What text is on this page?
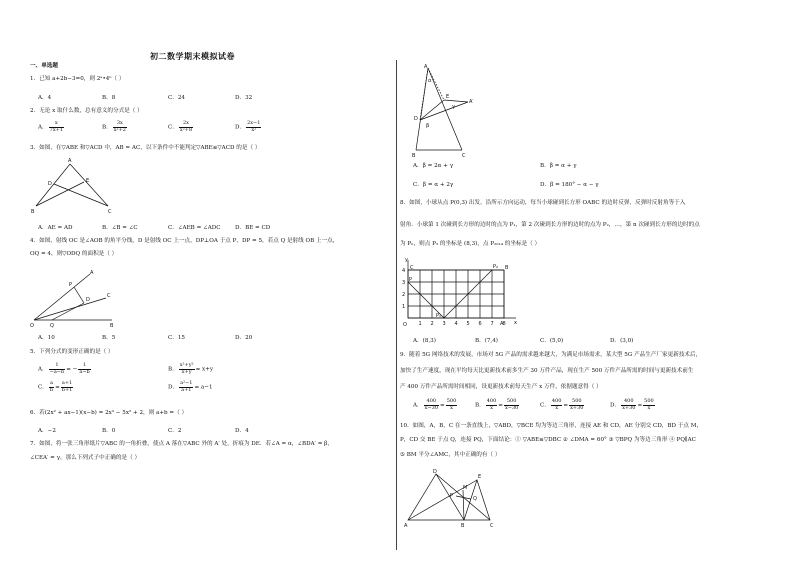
初二数学期末模拟试卷
一、单选题
1．已知 a+2b−3=0，则 2ᵃ•4ᵇ（ ）
A．4	B．8	C．24	D．32
2．无论 x 取什么数，总有意义的分式是（ ）
A． $\frac{x}{7x+1}$	B． $\frac{3x}{\text{x²+2}}$	C． $\frac{2x}{\text{x²+8}}$	D． $\frac{2x-1}{\text{x²}}$
3．如图，在▽ABE 和▽ACD 中，AB = AC，以下条件中不能判定▽ABE≌▽ACD 的是（ ）
A
D	E
B	C
A．AE = AD	B．∠B = ∠C	C．∠AEB = ∠ADC	D．BE = CD
4．如图，射线 OC 是∠AOB 的角平分线，D 是射线 OC 上一点，DP⊥OA 于点 P，DP = 5，若点 Q 是射线 OB 上一点，
OQ = 4，则▽ODQ 的面积是（ ）
A
P
D
C
O	Q	B
A．10	B．5	C．15	D．20
5．下列分式的变形正确的是（ ）
A． $\frac{1}{-a-b}$ = − $\frac{1}{a-b}$	B． $\frac{\text{x²+y²}}{x+y} = x+y$
C． $\frac{a}{b} = \frac{a+1}{b+1}$	D． $\frac{\text{a²−1}}{a+1} = a-1$
6．若(2x² + ax−1)(x−b) = 2x³ − 5x² + 2，则 a+b =（ ）
A．−2	B．0	C．2	D．4
7．如图，将一张三角形纸片▽ABC 的一角折叠，使点 A 落在▽ABC 外的 A′ 处，折痕为 DE．若∠A = α，∠BDA′ = β，
∠CEA′ = γ，那么下列式子中正确的是（ ）
A
α
E
A′
γ
D
β
B	C
A．β = 2α + γ	B．β = α + γ
C．β = α + 2γ	D．β = 180° − α − γ
8．如图，小球从点 P(0,3) 出发，沿所示方向运动，每当小球碰到长方形 OABC 的边时反弹，反弹时反射角等于入
射角．小球第 1 次碰到长方形的边时的点为 P₁，第 2 次碰到长方形的边时的点为 P₂，…，第 n 次碰到长方形的边时的点
为 Pₙ，则点 P₃ 的坐标是 (8,3)，点 P₂₀₁₄ 的坐标是（ ）
y
x
O
C	B
A
P
P₁
P₂
4
3
2
1
1 2 3 4 5 6 7 8
A．(8,3)	B．(7,4)	C．(5,0)	D．(3,0)
9．随着 5G 网络技术的发展，市场对 5G 产品的需求越来越大，为满足市场需求，某大型 5G 产品生产厂家更新技术后，
加快了生产速度，现在平均每天比更新技术前多生产 30 万件产品，现在生产 500 万件产品所需的时间与更新技术前生
产 400 万件产品所需时间相同，设更新技术前每天生产 x 万件，依据题意得（ ）
A． $\frac{400}{x-30} = \frac{500}{x}$	B． $\frac{400}{x} = \frac{500}{x-30}$	C． $\frac{400}{x} = \frac{500}{x+30}$	D． $\frac{400}{x+30} = \frac{500}{x}$
10．如图，A，B，C 在一条直线上，▽ABD，▽BCE 均为等边三角形，连接 AE 和 CD，AE 分别交 CD，BD 于点 M，
P，CD 交 BE 于点 Q，连接 PQ，下面结论：① ▽ABE≌▽DBC ② ∠DMA = 60° ③ ▽BPQ 为等边三角形 ④ PQ∥AC
⑤ BM 平分∠AMC，其中正确的有（ ）
D
E
M
P	Q
A	B	C
